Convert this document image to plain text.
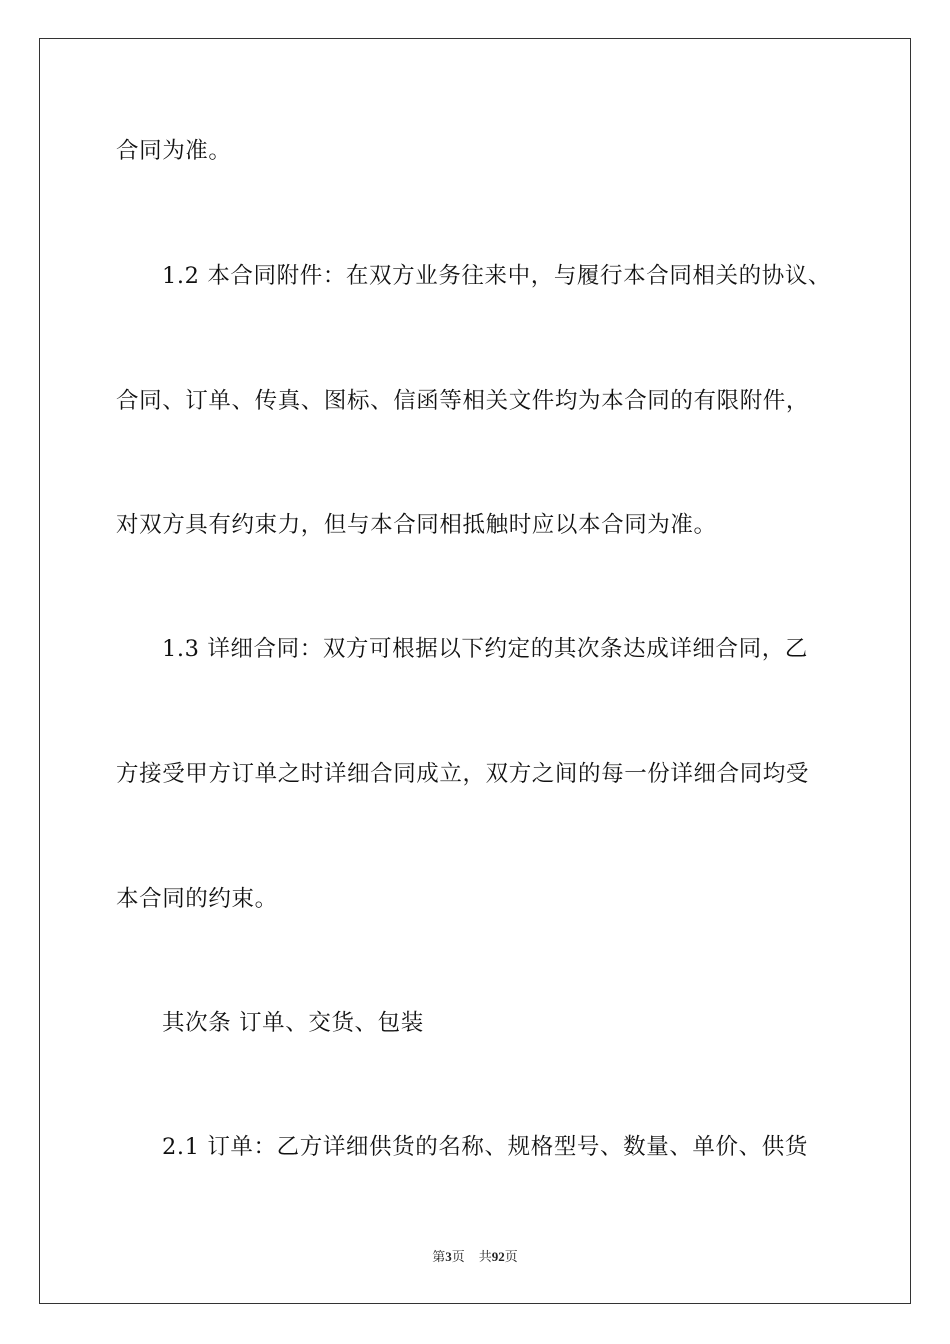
合同为准。
1.2 本合同附件：在双方业务往来中，与履行本合同相关的协议、
合同、订单、传真、图标、信函等相关文件均为本合同的有限附件，
对双方具有约束力，但与本合同相抵触时应以本合同为准。
1.3 详细合同：双方可根据以下约定的其次条达成详细合同，乙
方接受甲方订单之时详细合同成立，双方之间的每一份详细合同均受
本合同的约束。
其次条 订单、交货、包装
2.1 订单：乙方详细供货的名称、规格型号、数量、单价、供货
第3页 共92页
